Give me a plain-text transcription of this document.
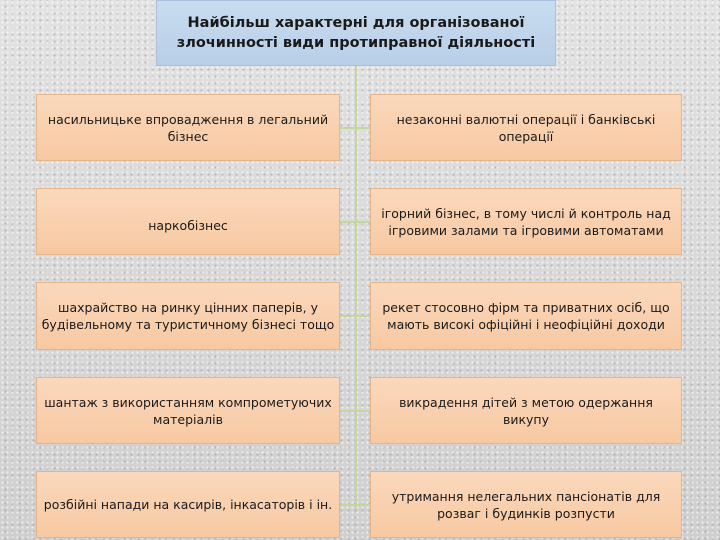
Найбільш характерні для організованої злочинності види протиправної діяльності
насильницьке впровадження в легальний бізнес
наркобізнес
шахрайство на ринку цінних паперів, у будівельному та туристичному бізнесі тощо
шантаж з використанням компрометуючих матеріалів
розбійні напади на касирів, інкасаторів і ін.
незаконні валютні операції і банківські операції
ігорний бізнес, в тому числі й контроль над ігровими залами та ігровими автоматами
рекет стосовно фірм та приватних осіб, що мають високі офіційні і неофіційні доходи
викрадення дітей з метою одержання викупу
утримання нелегальних пансіонатів для розваг і будинків розпусти
